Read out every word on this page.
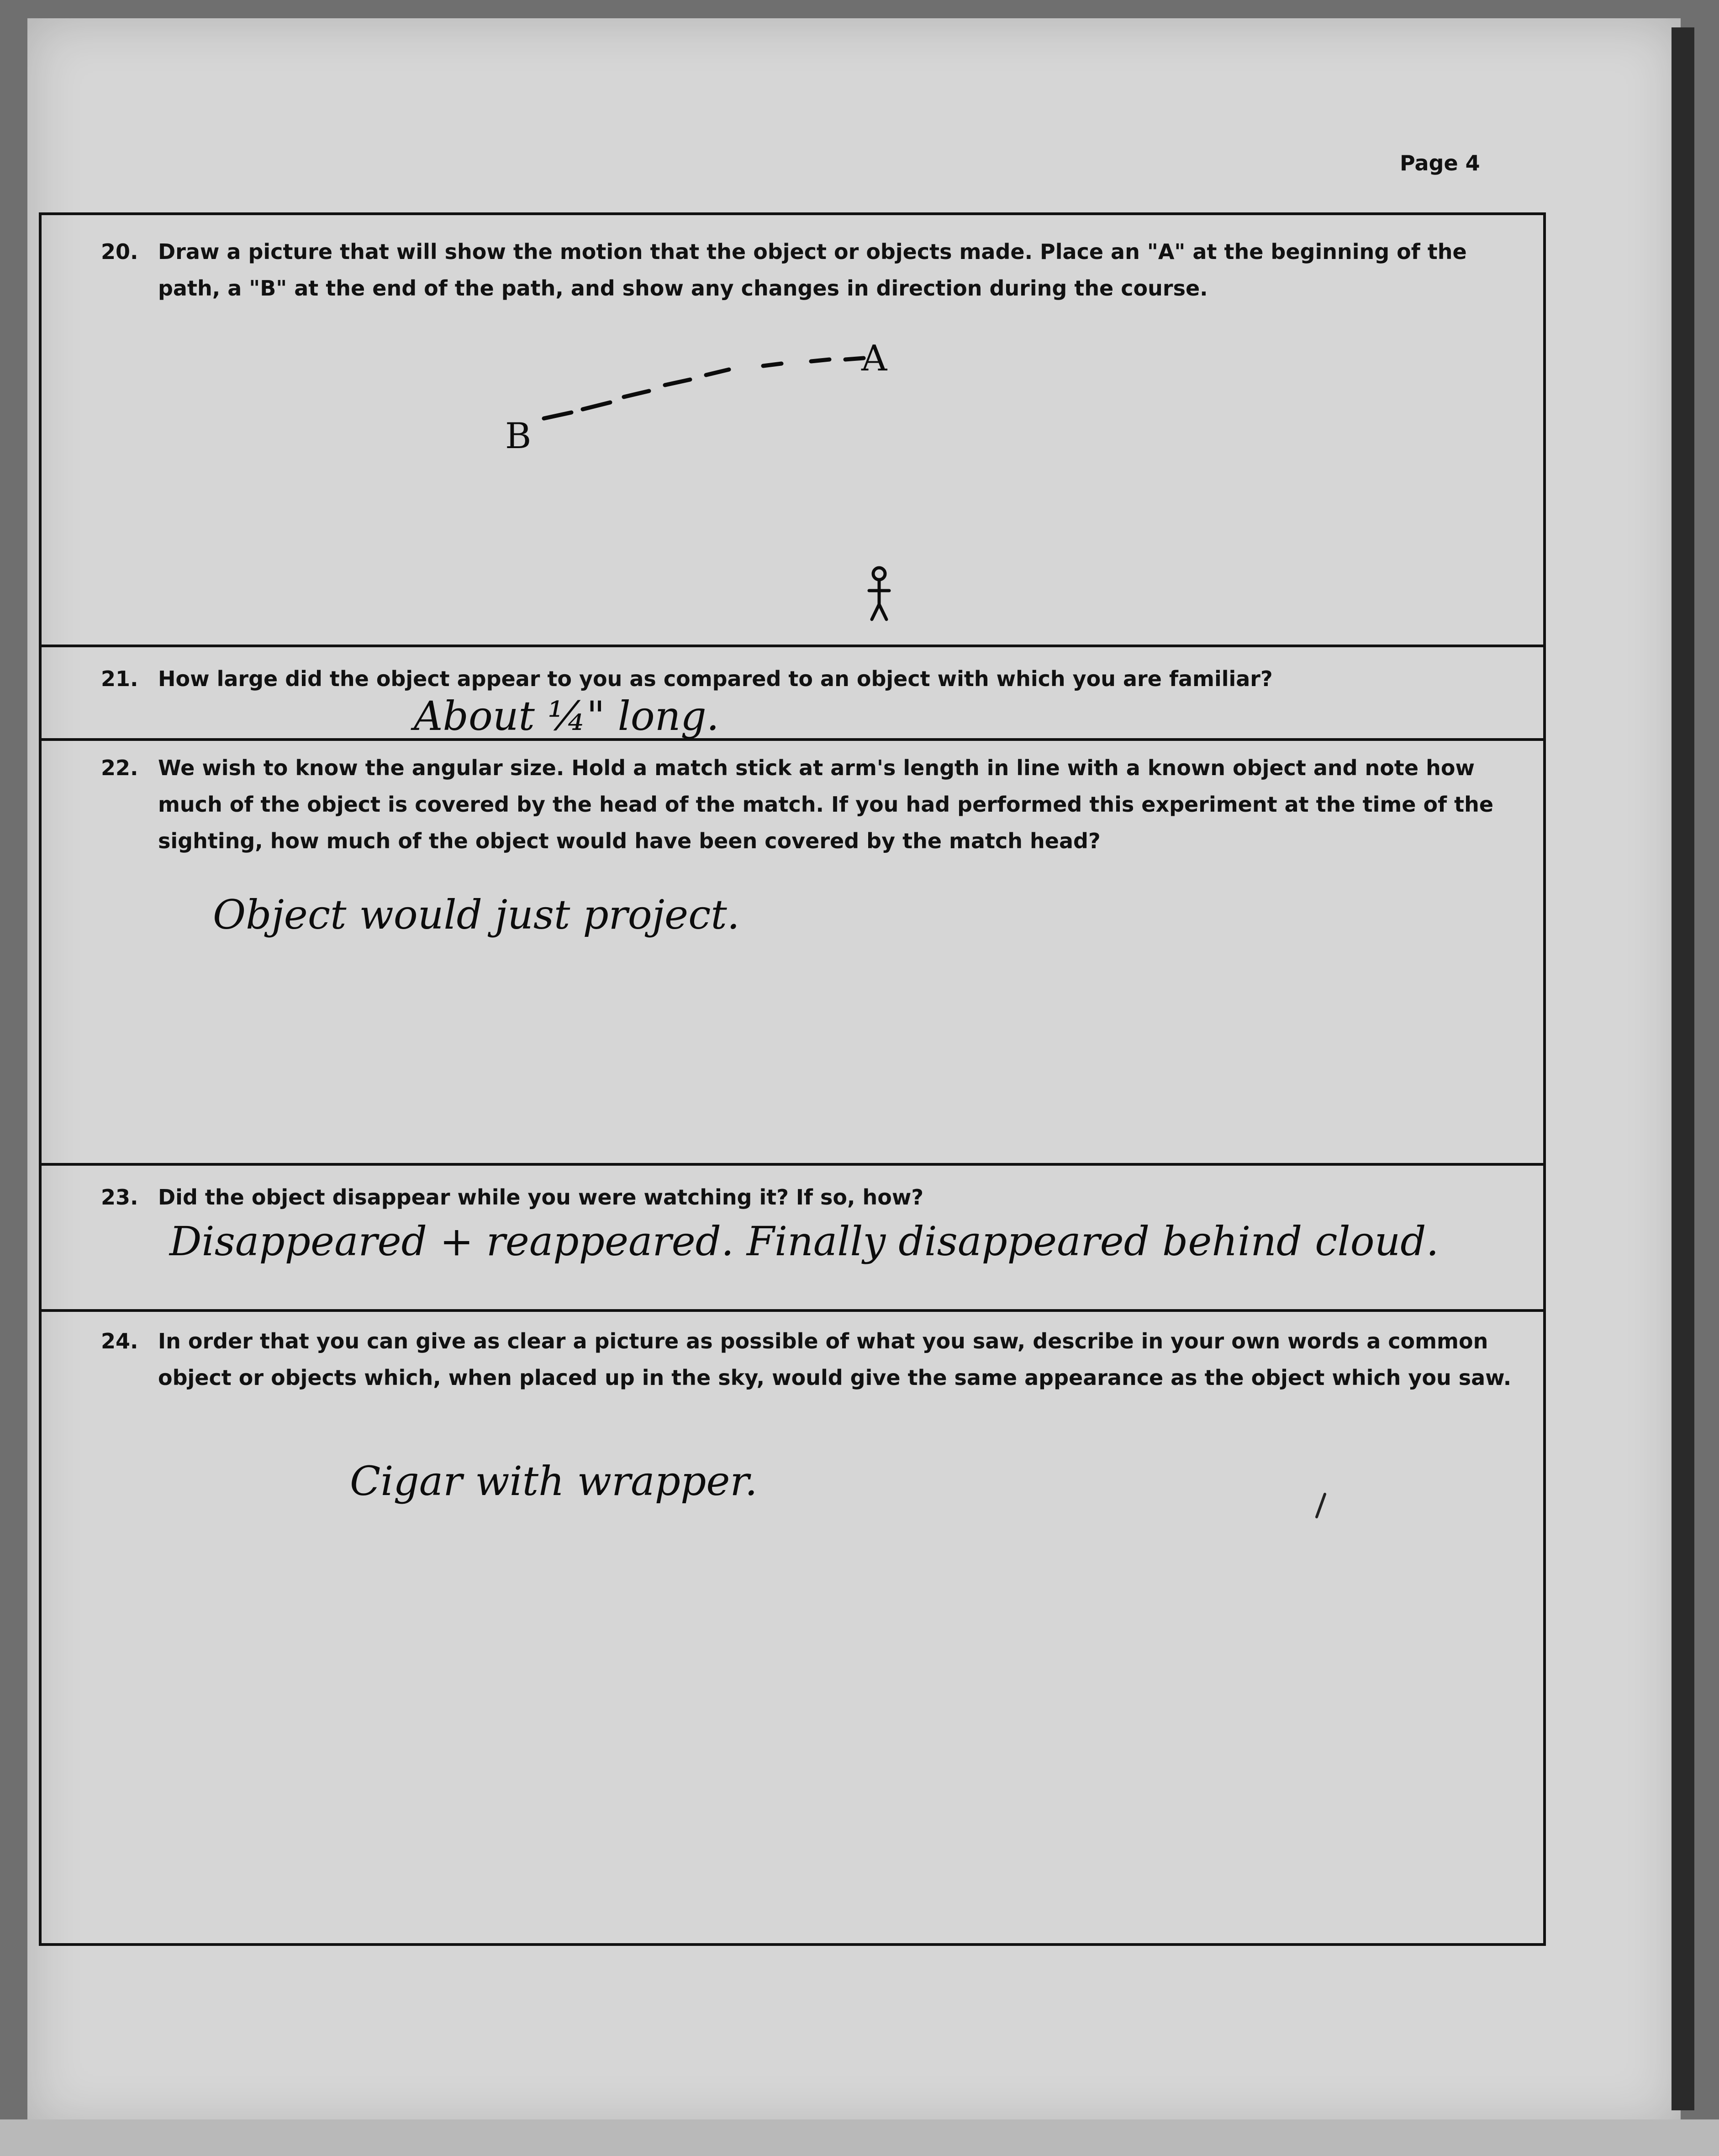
Page 4
20. Draw a picture that will show the motion that the object or objects made. Place an "A" at the beginning of the path, a "B" at the end of the path, and show any changes in direction during the course.
A
B
21. How large did the object appear to you as compared to an object with which you are familiar?
About ¼" long.
22. We wish to know the angular size. Hold a match stick at arm's length in line with a known object and note how much of the object is covered by the head of the match. If you had performed this experiment at the time of the sighting, how much of the object would have been covered by the match head?
Object would just project.
23. Did the object disappear while you were watching it? If so, how?
Disappeared + reappeared. Finally disappeared behind cloud.
24. In order that you can give as clear a picture as possible of what you saw, describe in your own words a common object or objects which, when placed up in the sky, would give the same appearance as the object which you saw.
Cigar with wrapper.
